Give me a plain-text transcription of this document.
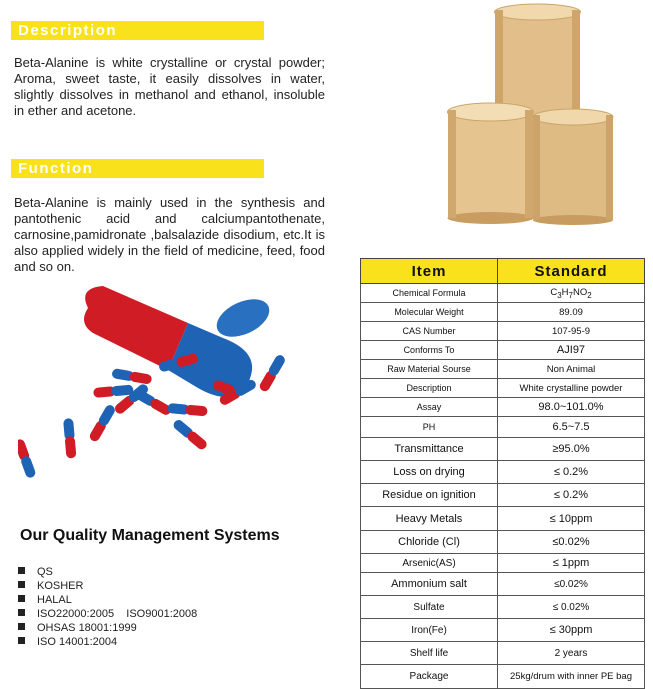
Description

Beta-Alanine is white crystalline or crystal powder; Aroma, sweet taste, it easily dissolves in water, slightly dissolves in methanol and ethanol, insoluble in ether and acetone.

Function

Beta-Alanine is mainly used in the synthesis and pantothenic acid and calciumpantothenate, carnosine,pamidronate ,balsalazide disodium, etc.It is also applied widely in the field of medicine, feed, food and so on.

Our Quality Management Systems
QS
KOSHER
HALAL
ISO22000:2005    ISO9001:2008
OHSAS 18001:1999
ISO 14001:2004
Item	Standard
Chemical Formula	$C_3H_7NO_2$
Molecular Weight	89.09
CAS Number	107-95-9
Conforms To	AJI97
Raw Material Sourse	Non Animal
Description	White crystalline powder
Assay	98.0~101.0%
PH	6.5~7.5
Transmittance	≥95.0%
Loss on drying	≤ 0.2%
Residue on ignition	≤ 0.2%
Heavy Metals	≤ 10ppm
Chloride (Cl)	≤0.02%
Arsenic(AS)	≤ 1ppm
Ammonium salt	≤0.02%
Sulfate	≤ 0.02%
Iron(Fe)	≤ 30ppm
Shelf life	2 years
Package	25kg/drum with inner PE bag
